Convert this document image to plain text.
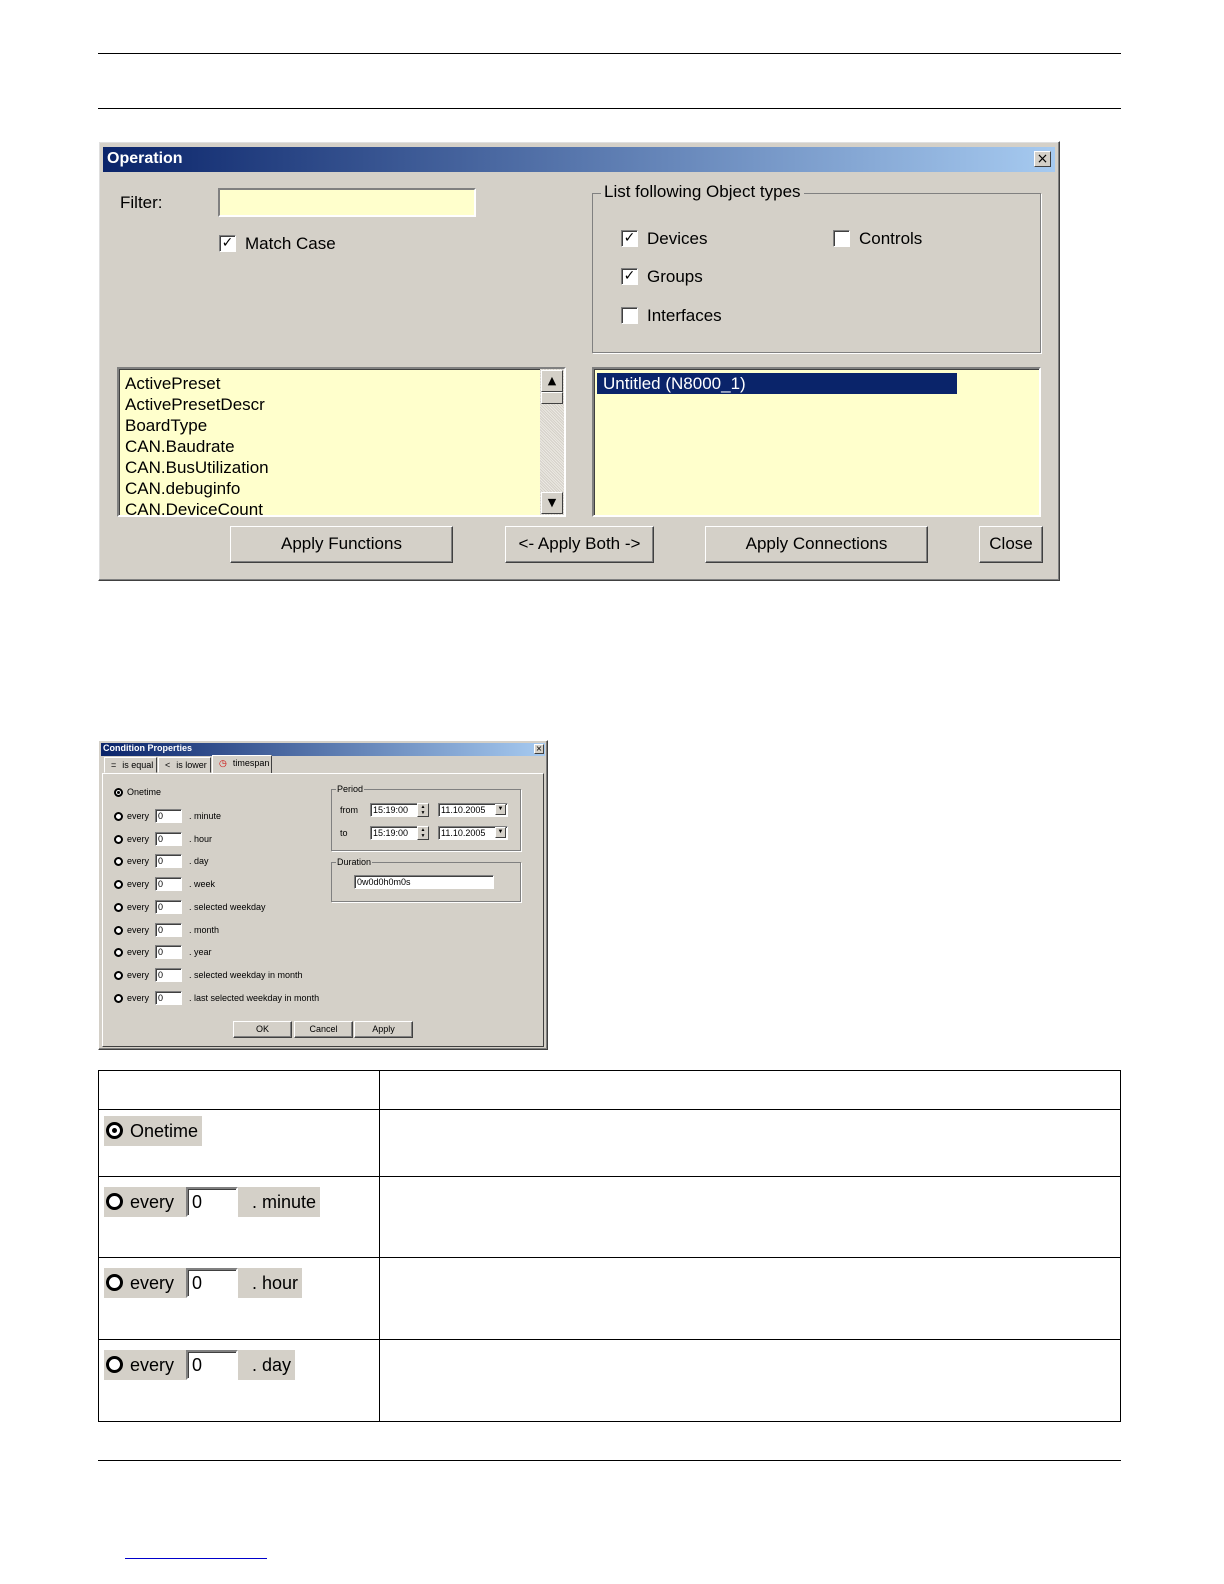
Operation	×
Filter:
✓ Match Case
List following Object types
✓ Devices	Controls
✓ Groups
Interfaces
ActivePreset
ActivePresetDescr
BoardType
CAN.Baudrate
CAN.BusUtilization
CAN.debuginfo
CAN.DeviceCount
▲
▼
Untitled (N8000_1)
Apply Functions	<- Apply Both ->	Apply Connections	Close
Condition Properties	×
= is equal	< is lower	◷ timespan
Onetime
every 0	. minute
every 0	. hour
every 0	. day
every 0	. week
every 0	. selected weekday
every 0	. month
every 0	. year
every 0	. selected weekday in month
every 0	. last selected weekday in month
Period
from	15:19:00	▲
▼	11.10.2005	▼
to	15:19:00	▲
▼	11.10.2005	▼
Duration
0w0d0h0m0s
OK	Cancel	Apply

Onetime	

every 0 . minute	

every 0 . hour	

every 0 . day	
